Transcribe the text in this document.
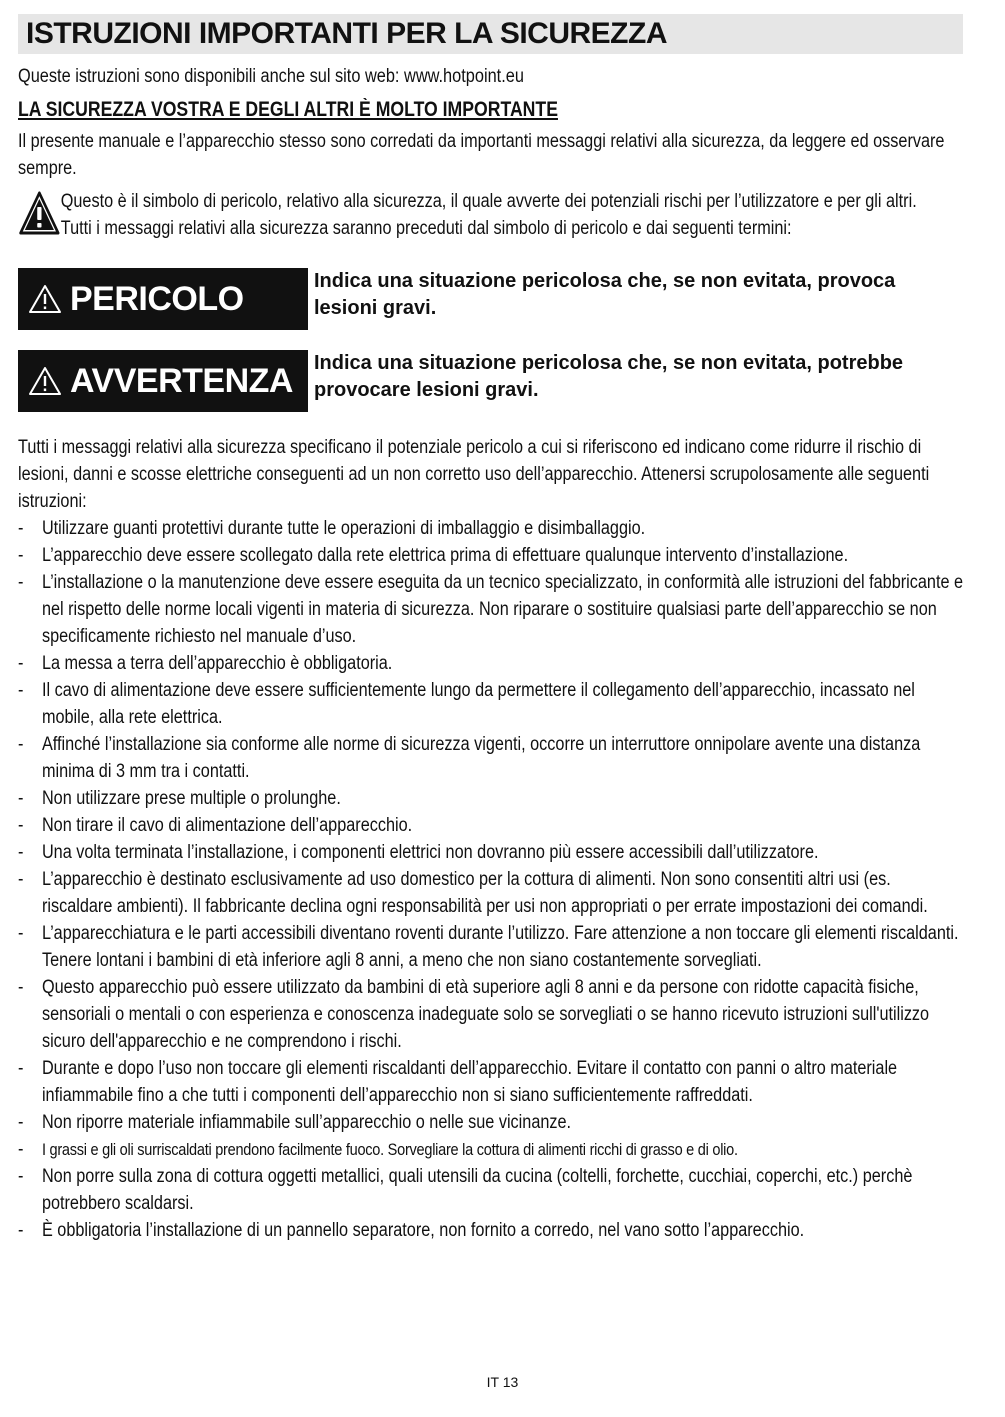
ISTRUZIONI IMPORTANTI PER LA SICUREZZA
Queste istruzioni sono disponibili anche sul sito web: www.hotpoint.eu
LA SICUREZZA VOSTRA E DEGLI ALTRI È MOLTO IMPORTANTE
Il presente manuale e l’apparecchio stesso sono corredati da importanti messaggi relativi alla sicurezza, da leggere ed osservare sempre.
Questo è il simbolo di pericolo, relativo alla sicurezza, il quale avverte dei potenziali rischi per l’utilizzatore e per gli altri.
Tutti i messaggi relativi alla sicurezza saranno preceduti dal simbolo di pericolo e dai seguenti termini:
PERICOLO	Indica una situazione pericolosa che, se non evitata, provoca lesioni gravi.
AVVERTENZA	Indica una situazione pericolosa che, se non evitata, potrebbe provocare lesioni gravi.
Tutti i messaggi relativi alla sicurezza specificano il potenziale pericolo a cui si riferiscono ed indicano come ridurre il rischio di lesioni, danni e scosse elettriche conseguenti ad un non corretto uso dell’apparecchio. Attenersi scrupolosamente alle seguenti istruzioni:
- Utilizzare guanti protettivi durante tutte le operazioni di imballaggio e disimballaggio.
- L’apparecchio deve essere scollegato dalla rete elettrica prima di effettuare qualunque intervento d’installazione.
- L’installazione o la manutenzione deve essere eseguita da un tecnico specializzato, in conformità alle istruzioni del fabbricante e nel rispetto delle norme locali vigenti in materia di sicurezza. Non riparare o sostituire qualsiasi parte dell’apparecchio se non specificamente richiesto nel manuale d’uso.
- La messa a terra dell’apparecchio è obbligatoria.
- Il cavo di alimentazione deve essere sufficientemente lungo da permettere il collegamento dell’apparecchio, incassato nel mobile, alla rete elettrica.
- Affinché l’installazione sia conforme alle norme di sicurezza vigenti, occorre un interruttore onnipolare avente una distanza minima di 3 mm tra i contatti.
- Non utilizzare prese multiple o prolunghe.
- Non tirare il cavo di alimentazione dell’apparecchio.
- Una volta terminata l’installazione, i componenti elettrici non dovranno più essere accessibili dall’utilizzatore.
- L’apparecchio è destinato esclusivamente ad uso domestico per la cottura di alimenti. Non sono consentiti altri usi (es. riscaldare ambienti). Il fabbricante declina ogni responsabilità per usi non appropriati o per errate impostazioni dei comandi.
- L’apparecchiatura e le parti accessibili diventano roventi durante l’utilizzo. Fare attenzione a non toccare gli elementi riscaldanti. Tenere lontani i bambini di età inferiore agli 8 anni, a meno che non siano costantemente sorvegliati.
- Questo apparecchio può essere utilizzato da bambini di età superiore agli 8 anni e da persone con ridotte capacità fisiche, sensoriali o mentali o con esperienza e conoscenza inadeguate solo se sorvegliati o se hanno ricevuto istruzioni sull'utilizzo sicuro dell'apparecchio e ne comprendono i rischi.
- Durante e dopo l’uso non toccare gli elementi riscaldanti dell’apparecchio. Evitare il contatto con panni o altro materiale infiammabile fino a che tutti i componenti dell’apparecchio non si siano sufficientemente raffreddati.
- Non riporre materiale infiammabile sull’apparecchio o nelle sue vicinanze.
-	I grassi e gli oli surriscaldati prendono facilmente fuoco. Sorvegliare la cottura di alimenti ricchi di grasso e di olio.
- Non porre sulla zona di cottura oggetti metallici, quali utensili da cucina (coltelli, forchette, cucchiai, coperchi, etc.) perchè potrebbero scaldarsi.
- È obbligatoria l’installazione di un pannello separatore, non fornito a corredo, nel vano sotto l’apparecchio.
IT 13
